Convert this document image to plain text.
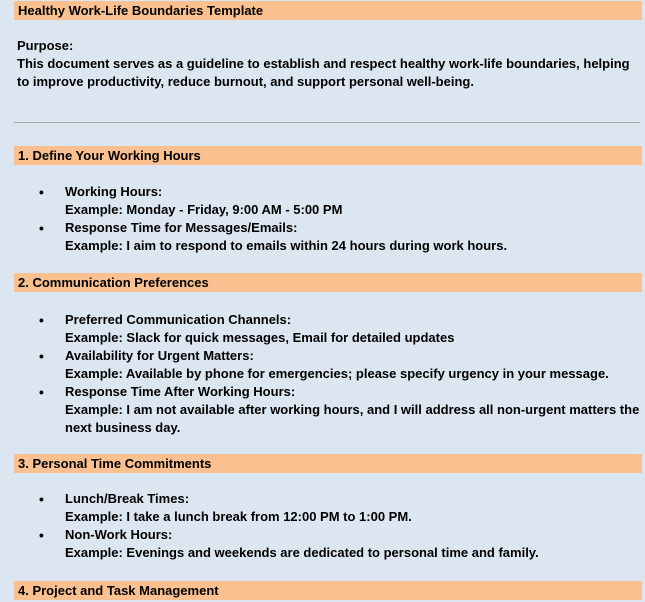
Healthy Work-Life Boundaries Template
Purpose:
This document serves as a guideline to establish and respect healthy work-life boundaries, helping to improve productivity, reduce burnout, and support personal well-being.
1. Define Your Working Hours
• Working Hours:
Example: Monday - Friday, 9:00 AM - 5:00 PM
• Response Time for Messages/Emails:
Example: I aim to respond to emails within 24 hours during work hours.
2. Communication Preferences
• Preferred Communication Channels:
Example: Slack for quick messages, Email for detailed updates
• Availability for Urgent Matters:
Example: Available by phone for emergencies; please specify urgency in your message.
• Response Time After Working Hours:
Example: I am not available after working hours, and I will address all non-urgent matters the next business day.
3. Personal Time Commitments
• Lunch/Break Times:
Example: I take a lunch break from 12:00 PM to 1:00 PM.
• Non-Work Hours:
Example: Evenings and weekends are dedicated to personal time and family.
4. Project and Task Management
